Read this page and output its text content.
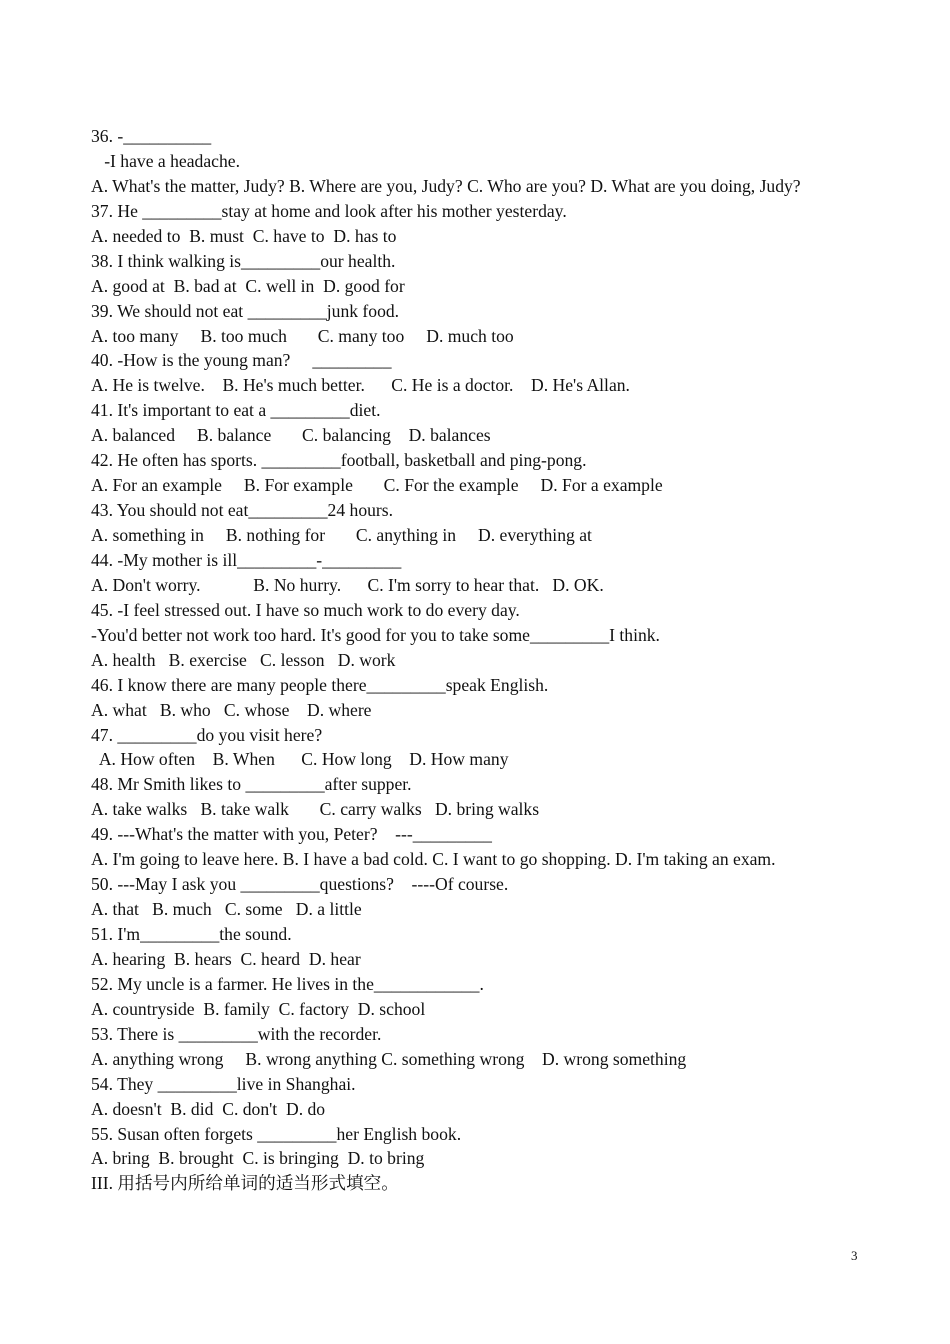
36. -__________
-I have a headache.
A. What's the matter, Judy? B. Where are you, Judy? C. Who are you? D. What are you doing, Judy?
37. He _________stay at home and look after his mother yesterday.
A. needed to  B. must  C. have to  D. has to
38. I think walking is_________our health.
A. good at  B. bad at  C. well in  D. good for
39. We should not eat _________junk food.
A. too many     B. too much       C. many too     D. much too
40. -How is the young man?     _________
A. He is twelve.    B. He's much better.      C. He is a doctor.    D. He's Allan.
41. It's important to eat a _________diet.
A. balanced     B. balance       C. balancing    D. balances
42. He often has sports. _________football, basketball and ping-pong.
A. For an example     B. For example       C. For the example     D. For a example
43. You should not eat_________24 hours.
A. something in     B. nothing for       C. anything in     D. everything at
44. -My mother is ill_________-_________
A. Don't worry.            B. No hurry.      C. I'm sorry to hear that.   D. OK.
45. -I feel stressed out. I have so much work to do every day.
-You'd better not work too hard. It's good for you to take some_________I think.
A. health   B. exercise   C. lesson   D. work
46. I know there are many people there_________speak English.
A. what   B. who   C. whose    D. where
47. _________do you visit here?
A. How often    B. When      C. How long    D. How many
48. Mr Smith likes to _________after supper.
A. take walks   B. take walk       C. carry walks   D. bring walks
49. ---What's the matter with you, Peter?    ---_________
A. I'm going to leave here. B. I have a bad cold. C. I want to go shopping. D. I'm taking an exam.
50. ---May I ask you _________questions?    ----Of course.
A. that   B. much   C. some   D. a little
51. I'm_________the sound.
A. hearing  B. hears  C. heard  D. hear
52. My uncle is a farmer. He lives in the____________.
A. countryside  B. family  C. factory  D. school
53. There is _________with the recorder.
A. anything wrong     B. wrong anything C. something wrong    D. wrong something
54. They _________live in Shanghai.
A. doesn't  B. did  C. don't  D. do
55. Susan often forgets _________her English book.
A. bring  B. brought  C. is bringing  D. to bring
III. 用括号内所给单词的适当形式填空。
3
